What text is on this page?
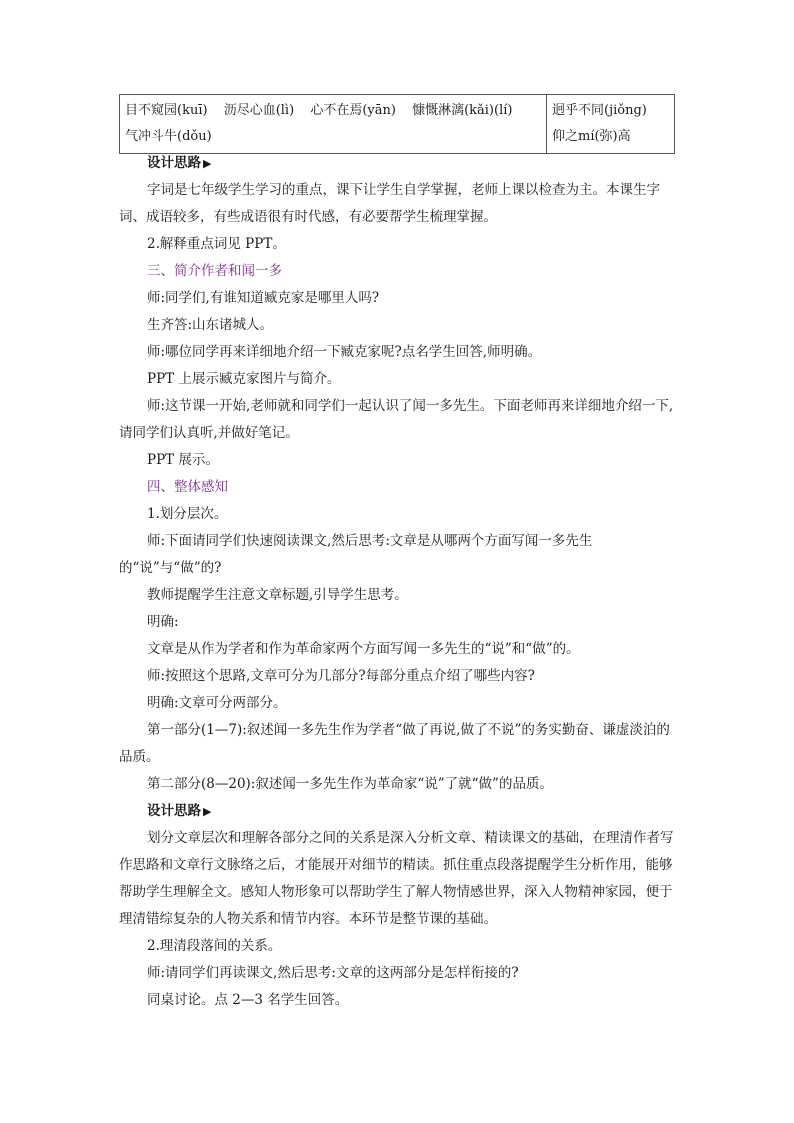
目不窥园(kuī) 沥尽心血(lì) 心不在焉(yān) 慷慨淋漓(kǎi)(lí)
气冲斗牛(dǒu)

迥乎不同(jiǒng)
仰之mí(弥)高

设计思路 ▶

字词是七年级学生学习的重点，课下让学生自学掌握，老师上课以检查为主。本课生字词、成语较多，有些成语很有时代感，有必要帮学生梳理掌握。

2.解释重点词见 PPT。

三、简介作者和闻一多

师:同学们,有谁知道臧克家是哪里人吗?

生齐答:山东诸城人。

师:哪位同学再来详细地介绍一下臧克家呢?点名学生回答,师明确。

PPT 上展示臧克家图片与简介。

师:这节课一开始,老师就和同学们一起认识了闻一多先生。下面老师再来详细地介绍一下,请同学们认真听,并做好笔记。

PPT 展示。

四、整体感知

1.划分层次。

师:下面请同学们快速阅读课文,然后思考:文章是从哪两个方面写闻一多先生的“说”与“做”的?

教师提醒学生注意文章标题,引导学生思考。

明确:

文章是从作为学者和作为革命家两个方面写闻一多先生的“说”和“做”的。

师:按照这个思路,文章可分为几部分?每部分重点介绍了哪些内容?

明确:文章可分两部分。

第一部分(1—7):叙述闻一多先生作为学者“做了再说,做了不说”的务实勤奋、谦虚淡泊的品质。

第二部分(8—20):叙述闻一多先生作为革命家“说”了就“做”的品质。

设计思路 ▶

划分文章层次和理解各部分之间的关系是深入分析文章、精读课文的基础，在理清作者写作思路和文章行文脉络之后，才能展开对细节的精读。抓住重点段落提醒学生分析作用，能够帮助学生理解全文。感知人物形象可以帮助学生了解人物情感世界，深入人物精神家园，便于理清错综复杂的人物关系和情节内容。本环节是整节课的基础。

2.理清段落间的关系。

师:请同学们再读课文,然后思考:文章的这两部分是怎样衔接的?

同桌讨论。点 2—3 名学生回答。
